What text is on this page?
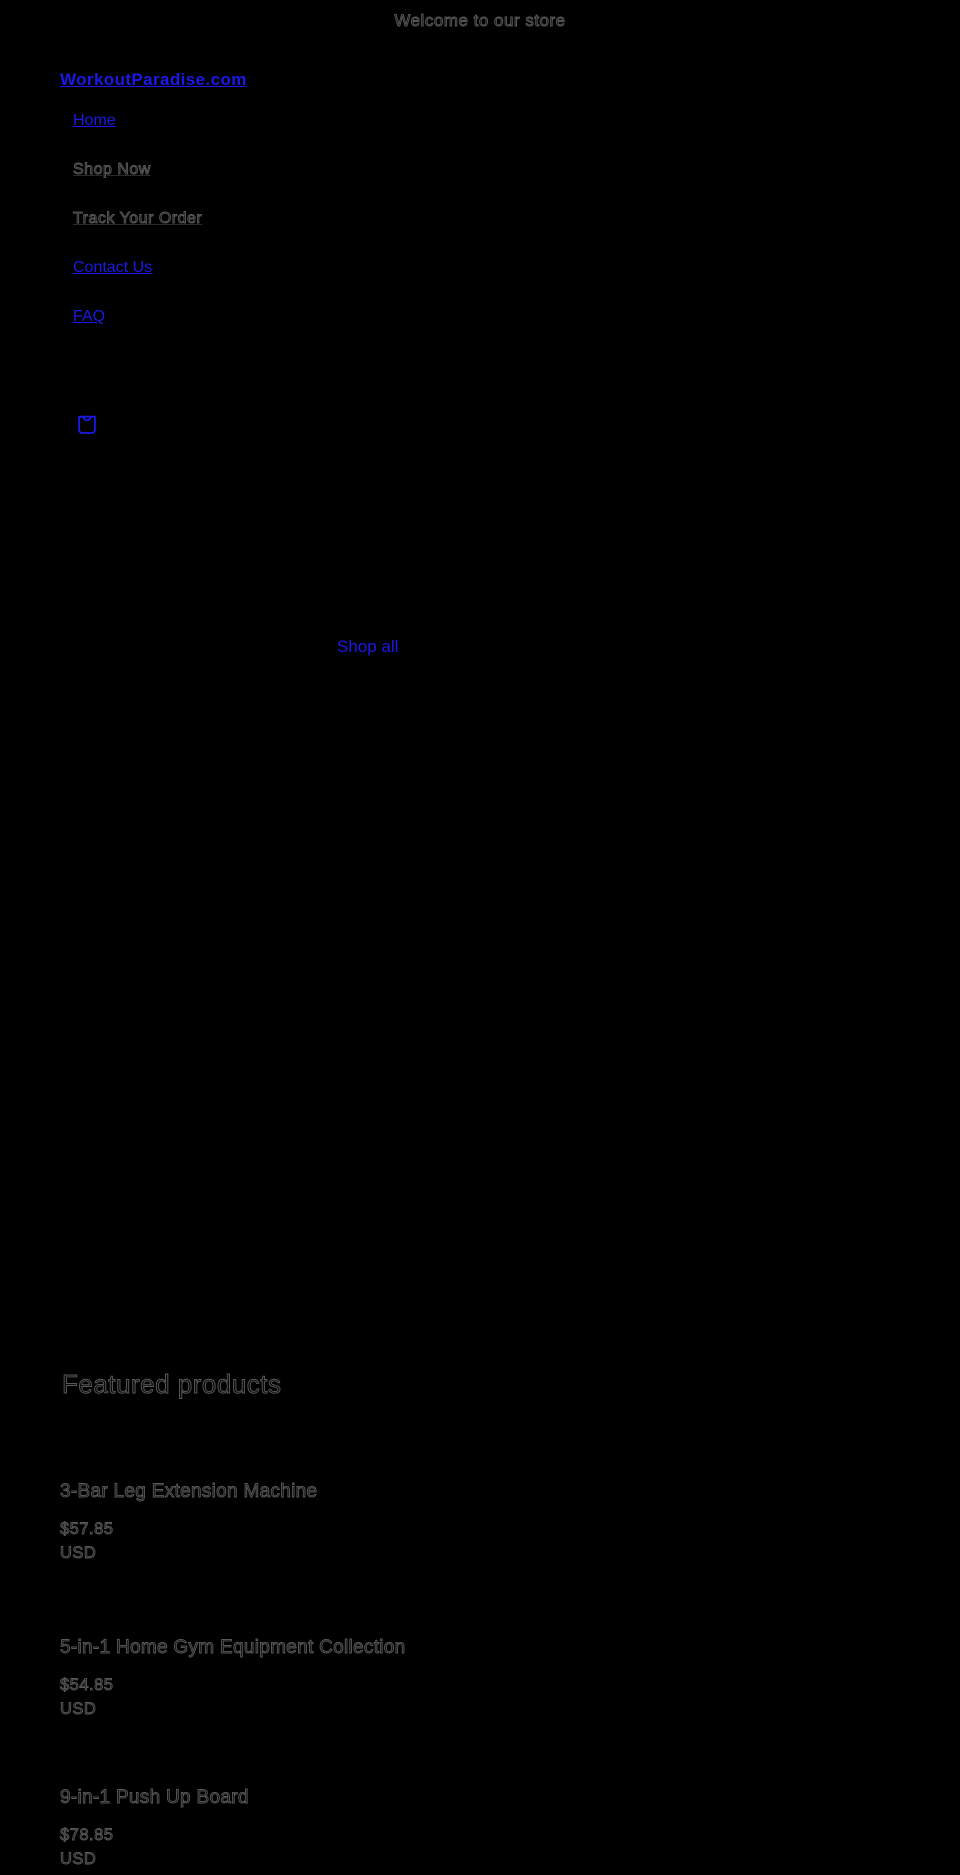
Welcome to our store
WorkoutParadise.com
Home
Shop Now
Track Your Order
Contact Us
FAQ
Shop all
Featured products
3-Bar Leg Extension Machine
$57.85
USD
5-in-1 Home Gym Equipment Collection
$54.85
USD
9-in-1 Push Up Board
$78.85
USD
